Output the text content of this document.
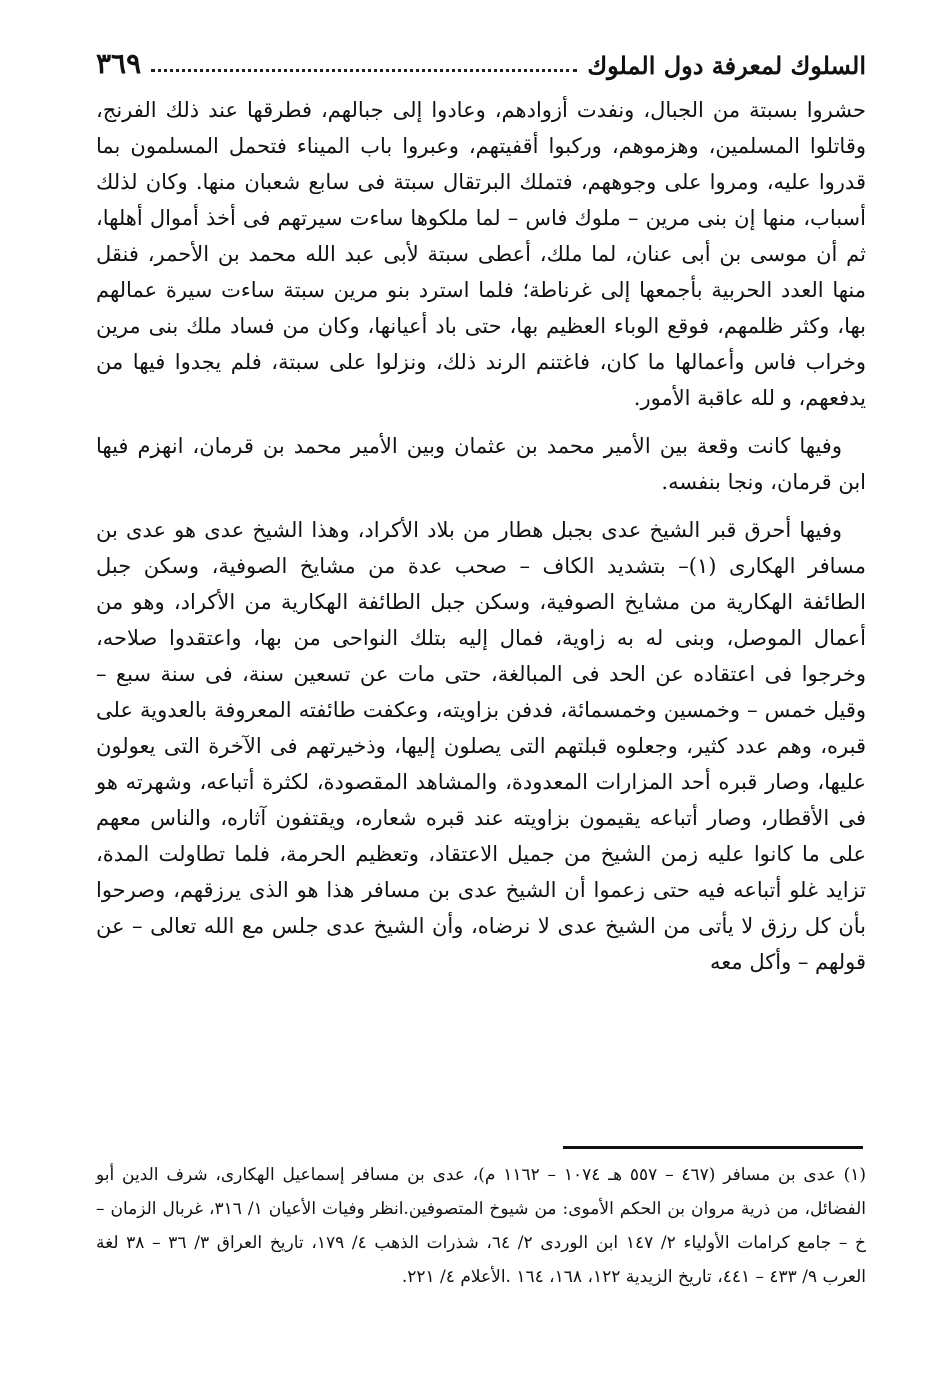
السلوك لمعرفة دول الملوك
٣٦٩

حشروا بسبتة من الجبال، ونفدت أزوادهم، وعادوا إلى جبالهم، فطرقها عند ذلك الفرنج، وقاتلوا المسلمين، وهزموهم، وركبوا أقفيتهم، وعبروا باب الميناء فتحمل المسلمون بما قدروا عليه، ومروا على وجوههم، فتملك البرتقال سبتة فى سابع شعبان منها. وكان لذلك أسباب، منها إن بنى مرين – ملوك فاس – لما ملكوها ساءت سيرتهم فى أخذ أموال أهلها، ثم أن موسى بن أبى عنان، لما ملك، أعطى سبتة لأبى عبد الله محمد بن الأحمر، فنقل منها العدد الحربية بأجمعها إلى غرناطة؛ فلما استرد بنو مرين سبتة ساءت سيرة عمالهم بها، وكثر ظلمهم، فوقع الوباء العظيم بها، حتى باد أعيانها، وكان من فساد ملك بنى مرين وخراب فاس وأعمالها ما كان، فاغتنم الرند ذلك، ونزلوا على سبتة، فلم يجدوا فيها من يدفعهم، و لله عاقبة الأمور.

وفيها كانت وقعة بين الأمير محمد بن عثمان وبين الأمير محمد بن قرمان، انهزم فيها ابن قرمان، ونجا بنفسه.

وفيها أحرق قبر الشيخ عدى بجبل هطار من بلاد الأكراد، وهذا الشيخ عدى هو عدى بن مسافر الهكارى (١)– بتشديد الكاف – صحب عدة من مشايخ الصوفية، وسكن جبل الطائفة الهكارية من مشايخ الصوفية، وسكن جبل الطائفة الهكارية من الأكراد، وهو من أعمال الموصل، وبنى له به زاوية، فمال إليه بتلك النواحى من بها، واعتقدوا صلاحه، وخرجوا فى اعتقاده عن الحد فى المبالغة، حتى مات عن تسعين سنة، فى سنة سبع – وقيل خمس – وخمسين وخمسمائة، فدفن بزاويته، وعكفت طائفته المعروفة بالعدوية على قبره، وهم عدد كثير، وجعلوه قبلتهم التى يصلون إليها، وذخيرتهم فى الآخرة التى يعولون عليها، وصار قبره أحد المزارات المعدودة، والمشاهد المقصودة، لكثرة أتباعه، وشهرته هو فى الأقطار، وصار أتباعه يقيمون بزاويته عند قبره شعاره، ويقتفون آثاره، والناس معهم على ما كانوا عليه زمن الشيخ من جميل الاعتقاد، وتعظيم الحرمة، فلما تطاولت المدة، تزايد غلو أتباعه فيه حتى زعموا أن الشيخ عدى بن مسافر هذا هو الذى يرزقهم، وصرحوا بأن كل رزق لا يأتى من الشيخ عدى لا نرضاه، وأن الشيخ عدى جلس مع الله تعالى – عن قولهم – وأكل معه

(١) عدى بن مسافر (٤٦٧ – ٥٥٧ هـ ١٠٧٤ – ١١٦٢ م)، عدى بن مسافر إسماعيل الهكارى، شرف الدين أبو الفضائل، من ذرية مروان بن الحكم الأموى: من شيوخ المتصوفين.انظر وفيات الأعيان ١/ ٣١٦، غربال الزمان – خ – جامع كرامات الأولياء ٢/ ١٤٧ ابن الوردى ٢/ ٦٤، شذرات الذهب ٤/ ١٧٩، تاريخ العراق ٣/ ٣٦ – ٣٨ لغة العرب ٩/ ٤٣٣ – ٤٤١، تاريخ الزيدية ١٢٢، ١٦٨، ١٦٤ .الأعلام ٤/ ٢٢١.
